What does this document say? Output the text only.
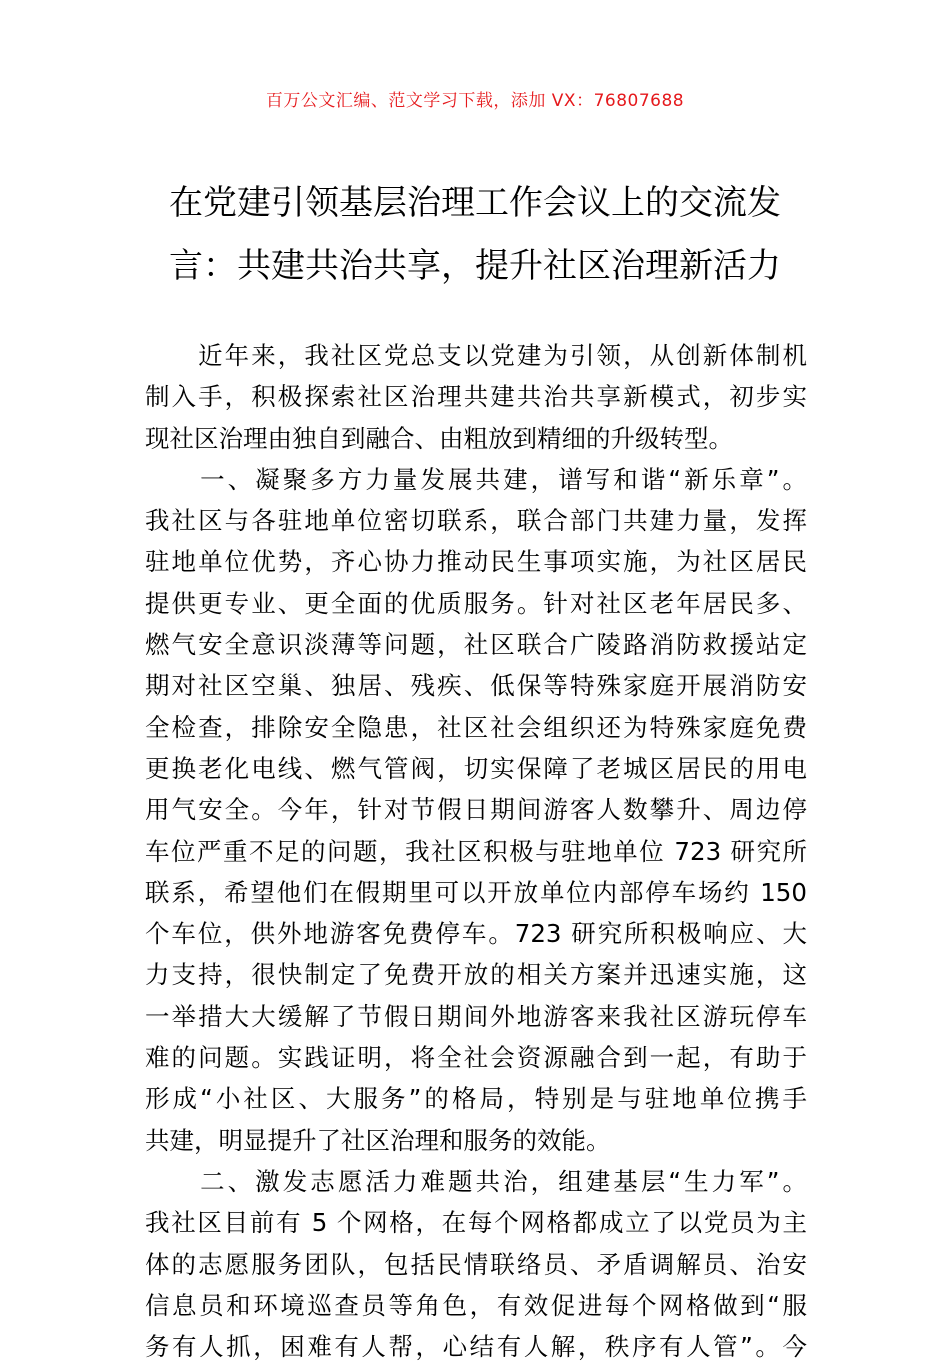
百万公文汇编、范文学习下载，添加 VX：76807688

在党建引领基层治理工作会议上的交流发
言：共建共治共享，提升社区治理新活力
　　近年来，我社区党总支以党建为引领，从创新体制机
制入手，积极探索社区治理共建共治共享新模式，初步实
现社区治理由独自到融合、由粗放到精细的升级转型。
　　一、凝聚多方力量发展共建，谱写和谐“新乐章”。
我社区与各驻地单位密切联系，联合部门共建力量，发挥
驻地单位优势，齐心协力推动民生事项实施，为社区居民
提供更专业、更全面的优质服务。针对社区老年居民多、
燃气安全意识淡薄等问题，社区联合广陵路消防救援站定
期对社区空巢、独居、残疾、低保等特殊家庭开展消防安
全检查，排除安全隐患，社区社会组织还为特殊家庭免费
更换老化电线、燃气管阀，切实保障了老城区居民的用电
用气安全。今年，针对节假日期间游客人数攀升、周边停
车位严重不足的问题，我社区积极与驻地单位 723 研究所
联系，希望他们在假期里可以开放单位内部停车场约 150
个车位，供外地游客免费停车。723 研究所积极响应、大
力支持，很快制定了免费开放的相关方案并迅速实施，这
一举措大大缓解了节假日期间外地游客来我社区游玩停车
难的问题。实践证明，将全社会资源融合到一起，有助于
形成“小社区、大服务”的格局，特别是与驻地单位携手
共建，明显提升了社区治理和服务的效能。
　　二、激发志愿活力难题共治，组建基层“生力军”。
我社区目前有 5 个网格，在每个网格都成立了以党员为主
体的志愿服务团队，包括民情联络员、矛盾调解员、治安
信息员和环境巡查员等角色，有效促进每个网格做到“服
务有人抓，困难有人帮，心结有人解，秩序有人管”。今
